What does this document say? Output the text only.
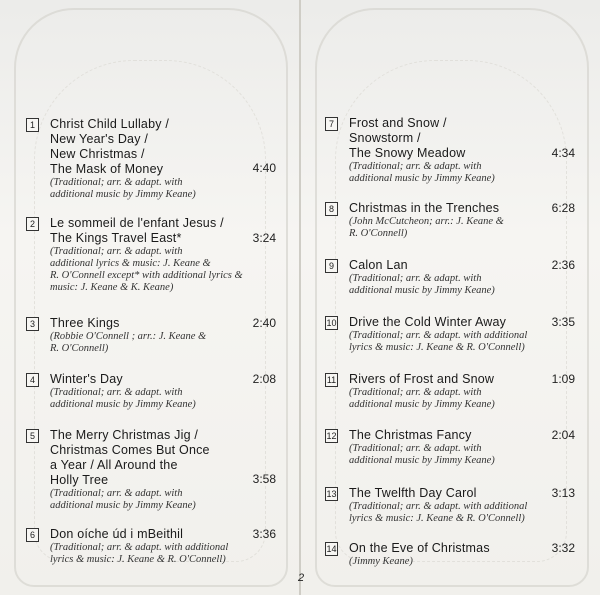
1	Christ Child Lullaby /
New Year's Day /
New Christmas /
The Mask of Money	4:40
(Traditional; arr. & adapt. with
additional music by Jimmy Keane)
2	Le sommeil de l'enfant Jesus /
The Kings Travel East*	3:24
(Traditional; arr. & adapt. with
additional lyrics & music: J. Keane &
R. O'Connell except* with additional lyrics &
music: J. Keane & K. Keane)
3	Three Kings	2:40
(Robbie O'Connell ; arr.: J. Keane &
R. O'Connell)
4	Winter's Day	2:08
(Traditional; arr. & adapt. with
additional music by Jimmy Keane)
5	The Merry Christmas Jig /
Christmas Comes But Once
a Year / All Around the
Holly Tree	3:58
(Traditional; arr. & adapt. with
additional music by Jimmy Keane)
6	Don oíche úd i mBeithil	3:36
(Traditional; arr. & adapt. with additional
lyrics & music: J. Keane & R. O'Connell)
7	Frost and Snow /
Snowstorm /
The Snowy Meadow	4:34
(Traditional; arr. & adapt. with
additional music by Jimmy Keane)
8	Christmas in the Trenches	6:28
(John McCutcheon; arr.: J. Keane &
R. O'Connell)
9	Calon Lan	2:36
(Traditional; arr. & adapt. with
additional music by Jimmy Keane)
10 Drive the Cold Winter Away	3:35
(Traditional; arr. & adapt. with additional
lyrics & music: J. Keane & R. O'Connell)
11 Rivers of Frost and Snow	1:09
(Traditional; arr. & adapt. with
additional music by Jimmy Keane)
12 The Christmas Fancy	2:04
(Traditional; arr. & adapt. with
additional music by Jimmy Keane)
13 The Twelfth Day Carol	3:13
(Traditional; arr. & adapt. with additional
lyrics & music: J. Keane & R. O'Connell)
14 On the Eve of Christmas	3:32
(Jimmy Keane)
2
